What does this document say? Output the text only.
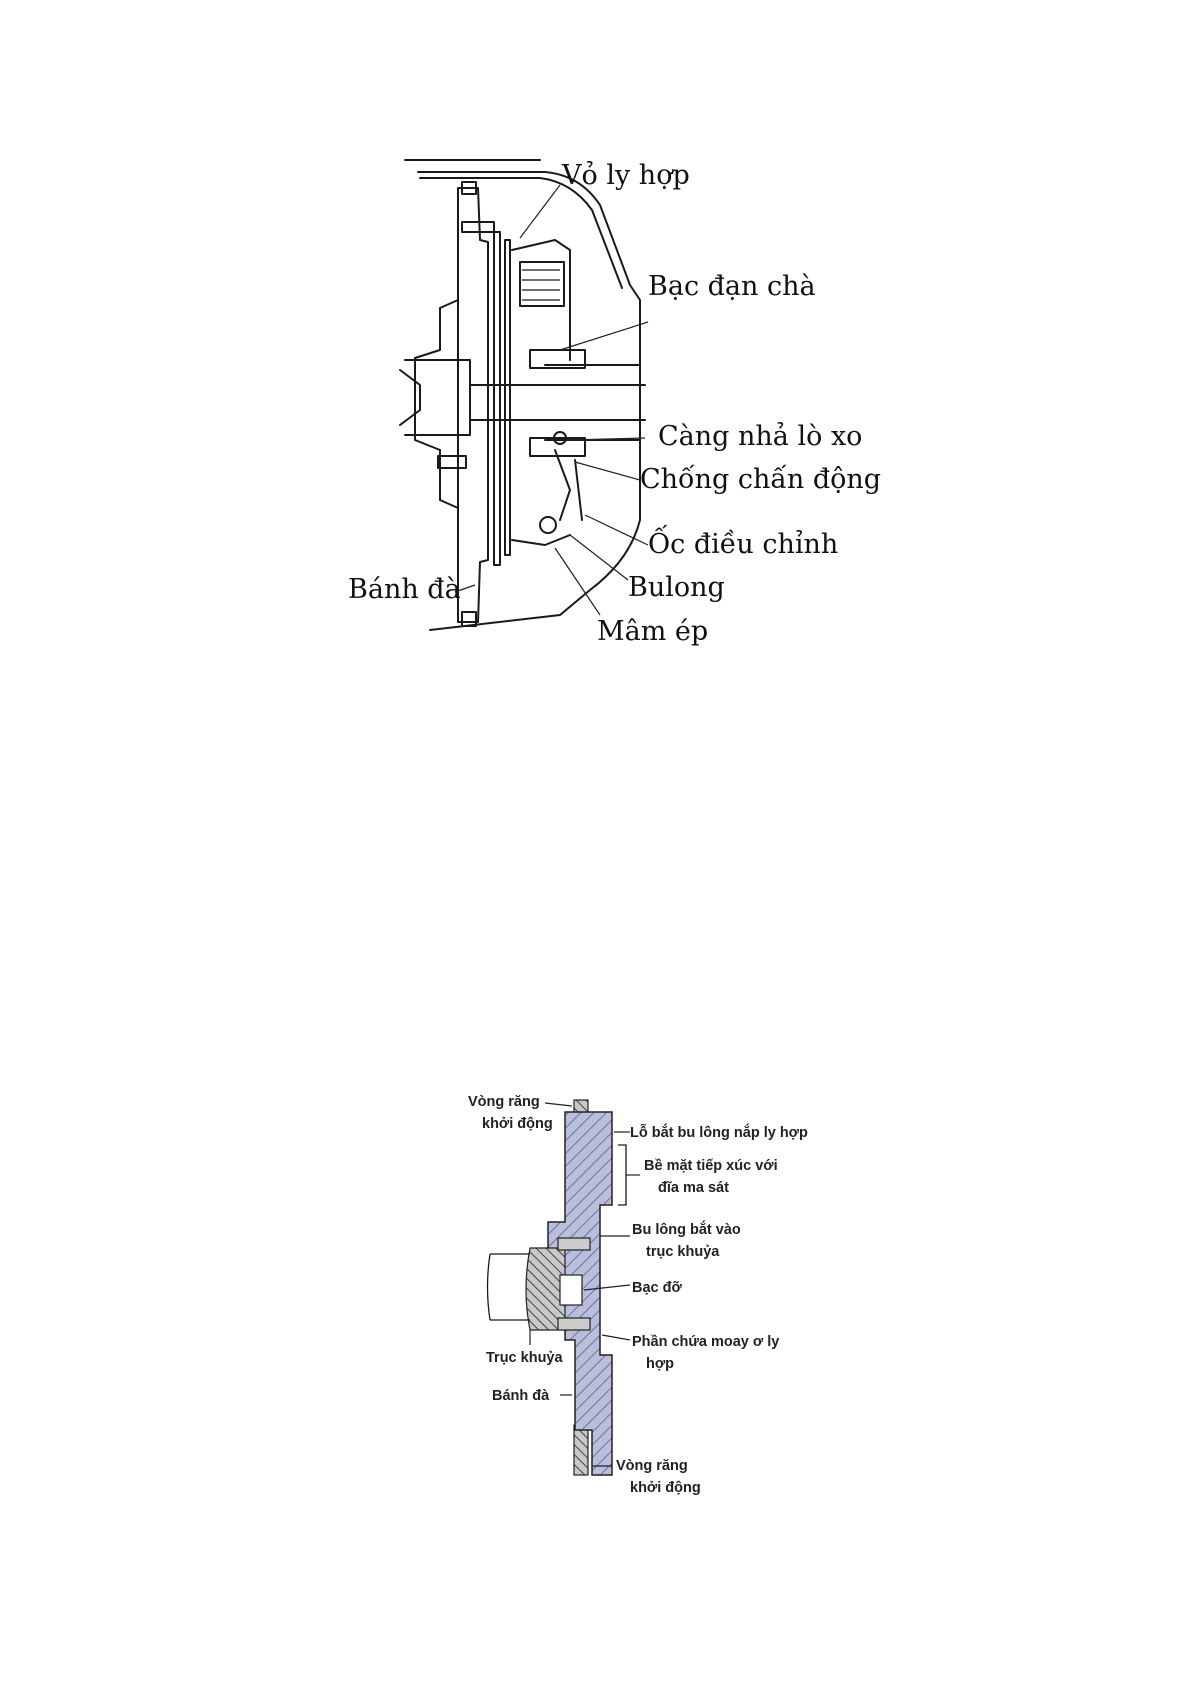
Vỏ ly hợp
Bạc đạn chà
Càng nhả lò xo
Chống chấn động
Ốc điều chỉnh
Bulong
Mâm ép
Bánh đà
Vòng răng khởi động
Lỗ bắt bu lông nắp ly hợp
Bề mặt tiếp xúc với đĩa ma sát
Bu lông bắt vào trục khuỷa
Bạc đỡ
Phần chứa moay ơ ly hợp
Trục khuỷa
Bánh đà
Vòng răng khởi động
